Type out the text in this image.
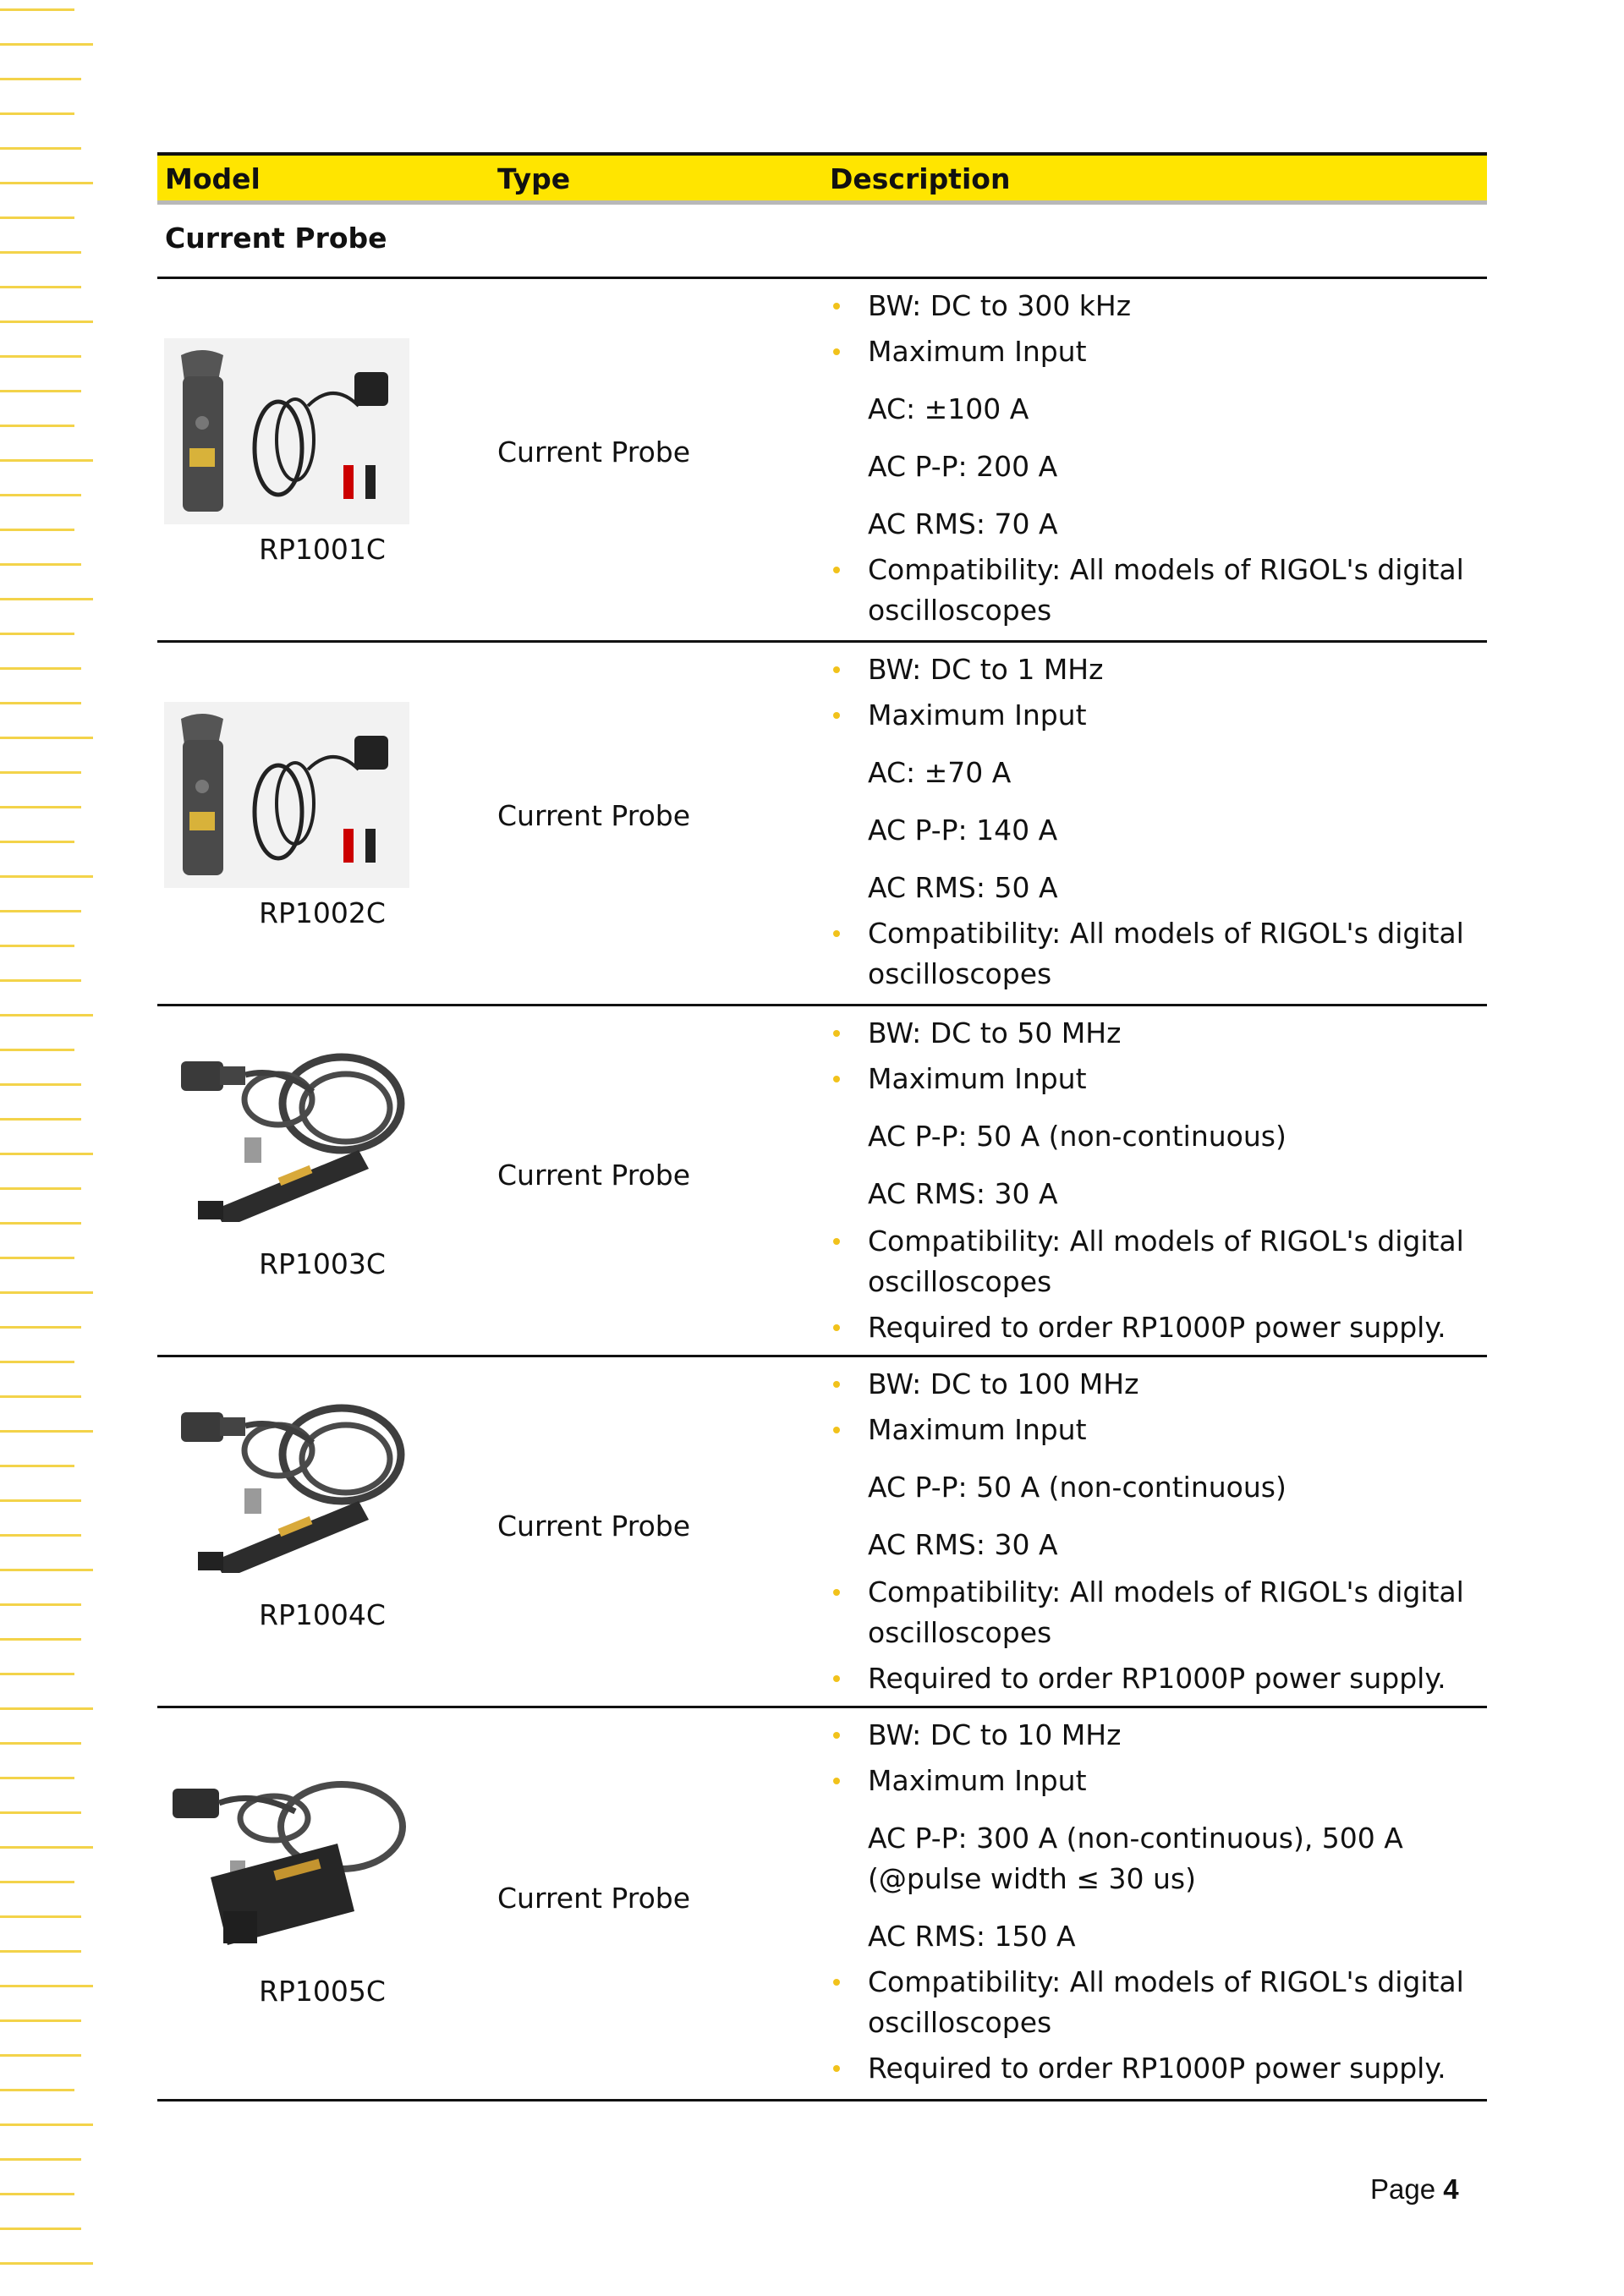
Model	Type	Description
Current Probe
RP1001C
Current Probe
BW: DC to 300 kHz
Maximum Input
AC: ±100 A
AC P-P: 200 A
AC RMS: 70 A
Compatibility: All models of RIGOL's digital
oscilloscopes
RP1002C
Current Probe
BW: DC to 1 MHz
Maximum Input
AC: ±70 A
AC P-P: 140 A
AC RMS: 50 A
Compatibility: All models of RIGOL's digital
oscilloscopes
RP1003C
Current Probe
BW: DC to 50 MHz
Maximum Input
AC P-P: 50 A (non-continuous)
AC RMS: 30 A
Compatibility: All models of RIGOL's digital
oscilloscopes
Required to order RP1000P power supply.
RP1004C
Current Probe
BW: DC to 100 MHz
Maximum Input
AC P-P: 50 A (non-continuous)
AC RMS: 30 A
Compatibility: All models of RIGOL's digital
oscilloscopes
Required to order RP1000P power supply.
RP1005C
Current Probe
BW: DC to 10 MHz
Maximum Input
AC P-P: 300 A (non-continuous), 500 A
(@pulse width ≤ 30 us)
AC RMS: 150 A
Compatibility: All models of RIGOL's digital
oscilloscopes
Required to order RP1000P power supply.
Page 4
